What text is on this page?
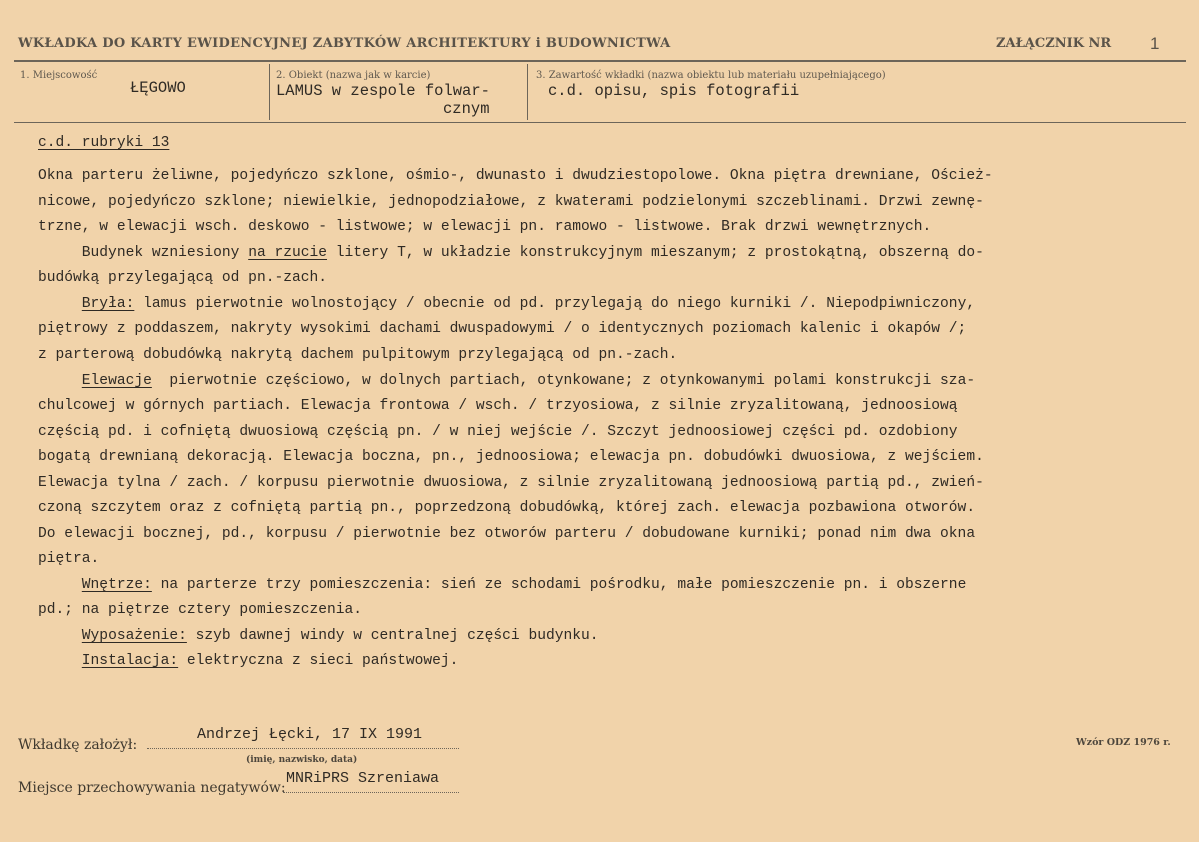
WKŁADKA DO KARTY EWIDENCYJNEJ ZABYTKÓW ARCHITEKTURY i BUDOWNICTWA	ZAŁĄCZNIK NR 1
1. Miejscowość
ŁĘGOWO
2. Obiekt (nazwa jak w karcie)
LAMUS w zespole folwar-
cznym
3. Zawartość wkładki (nazwa obiektu lub materiału uzupełniającego)
c.d. opisu, spis fotografii
c.d. rubryki 13
Okna parteru żeliwne, pojedyńczo szklone, ośmio-, dwunasto i dwudziestopolowe. Okna piętra drewniane, Oścież-
nicowe, pojedyńczo szklone; niewielkie, jednopodziałowe, z kwaterami podzielonymi szczeblinami. Drzwi zewnę-
trzne, w elewacji wsch. deskowo - listwowe; w elewacji pn. ramowo - listwowe. Brak drzwi wewnętrznych.
Budynek wzniesiony na rzucie litery T, w układzie konstrukcyjnym mieszanym; z prostokątną, obszerną do-
budówką przylegającą od pn.-zach.
Bryła: lamus pierwotnie wolnostojący / obecnie od pd. przylegają do niego kurniki /. Niepodpiwniczony,
piętrowy z poddaszem, nakryty wysokimi dachami dwuspadowymi / o identycznych poziomach kalenic i okapów /;
z parterową dobudówką nakrytą dachem pulpitowym przylegającą od pn.-zach.
Elewacje  pierwotnie częściowo, w dolnych partiach, otynkowane; z otynkowanymi polami konstrukcji sza-
chulcowej w górnych partiach. Elewacja frontowa / wsch. / trzyosiowa, z silnie zryzalitowaną, jednoosiową
częścią pd. i cofniętą dwuosiową częścią pn. / w niej wejście /. Szczyt jednoosiowej części pd. ozdobiony
bogatą drewnianą dekoracją. Elewacja boczna, pn., jednoosiowa; elewacja pn. dobudówki dwuosiowa, z wejściem.
Elewacja tylna / zach. / korpusu pierwotnie dwuosiowa, z silnie zryzalitowaną jednoosiową partią pd., zwień-
czoną szczytem oraz z cofniętą partią pn., poprzedzoną dobudówką, której zach. elewacja pozbawiona otworów.
Do elewacji bocznej, pd., korpusu / pierwotnie bez otworów parteru / dobudowane kurniki; ponad nim dwa okna
piętra.
Wnętrze: na parterze trzy pomieszczenia: sień ze schodami pośrodku, małe pomieszczenie pn. i obszerne
pd.; na piętrze cztery pomieszczenia.
Wyposażenie: szyb dawnej windy w centralnej części budynku.
Instalacja: elektryczna z sieci państwowej.
Wkładkę założył:
Andrzej Łęcki, 17 IX 1991
(imię, nazwisko, data)
Miejsce przechowywania negatywów:
MNRiPRS Szreniawa
Wzór ODZ 1976 r.
